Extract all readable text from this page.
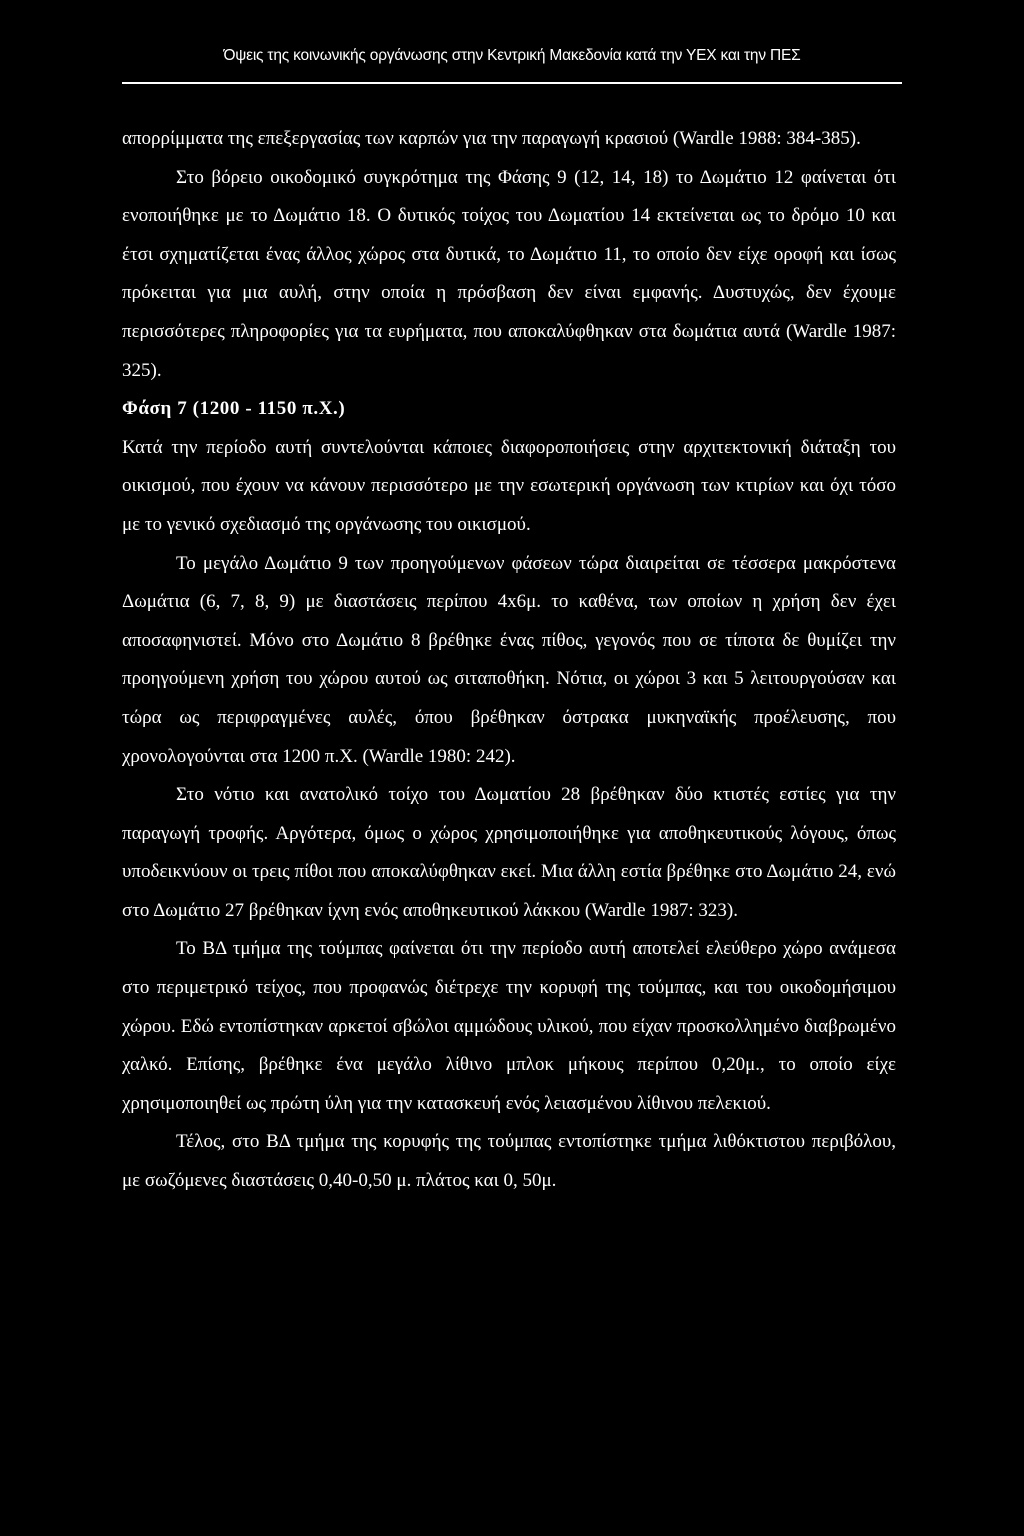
Όψεις της κοινωνικής οργάνωσης στην Κεντρική Μακεδονία κατά την ΥΕΧ και την ΠΕΣ

απορρίμματα της επεξεργασίας των καρπών για την παραγωγή κρασιού (Wardle 1988: 384-385).

Στο βόρειο οικοδομικό συγκρότημα της Φάσης 9 (12, 14, 18) το Δωμάτιο 12 φαίνεται ότι ενοποιήθηκε με το Δωμάτιο 18. Ο δυτικός τοίχος του Δωματίου 14 εκτείνεται ως το δρόμο 10 και έτσι σχηματίζεται ένας άλλος χώρος στα δυτικά, το Δωμάτιο 11, το οποίο δεν είχε οροφή και ίσως πρόκειται για μια αυλή, στην οποία η πρόσβαση δεν είναι εμφανής. Δυστυχώς, δεν έχουμε περισσότερες πληροφορίες για τα ευρήματα, που αποκαλύφθηκαν στα δωμάτια αυτά (Wardle 1987: 325).

Φάση 7 (1200 - 1150 π.Χ.)

Κατά την περίοδο αυτή συντελούνται κάποιες διαφοροποιήσεις στην αρχιτεκτονική διάταξη του οικισμού, που έχουν να κάνουν περισσότερο με την εσωτερική οργάνωση των κτιρίων και όχι τόσο με το γενικό σχεδιασμό της οργάνωσης του οικισμού.

Το μεγάλο Δωμάτιο 9 των προηγούμενων φάσεων τώρα διαιρείται σε τέσσερα μακρόστενα Δωμάτια (6, 7, 8, 9) με διαστάσεις περίπου 4x6μ. το καθένα, των οποίων η χρήση δεν έχει αποσαφηνιστεί. Μόνο στο Δωμάτιο 8 βρέθηκε ένας πίθος, γεγονός που σε τίποτα δε θυμίζει την προηγούμενη χρήση του χώρου αυτού ως σιταποθήκη. Νότια, οι χώροι 3 και 5 λειτουργούσαν και τώρα ως περιφραγμένες αυλές, όπου βρέθηκαν όστρακα μυκηναϊκής προέλευσης, που χρονολογούνται στα 1200 π.Χ. (Wardle 1980: 242).

Στο νότιο και ανατολικό τοίχο του Δωματίου 28 βρέθηκαν δύο κτιστές εστίες για την παραγωγή τροφής. Αργότερα, όμως ο χώρος χρησιμοποιήθηκε για αποθηκευτικούς λόγους, όπως υποδεικνύουν οι τρεις πίθοι που αποκαλύφθηκαν εκεί. Μια άλλη εστία βρέθηκε στο Δωμάτιο 24, ενώ στο Δωμάτιο 27 βρέθηκαν ίχνη ενός αποθηκευτικού λάκκου (Wardle 1987: 323).

Το ΒΔ τμήμα της τούμπας φαίνεται ότι την περίοδο αυτή αποτελεί ελεύθερο χώρο ανάμεσα στο περιμετρικό τείχος, που προφανώς διέτρεχε την κορυφή της τούμπας, και του οικοδομήσιμου χώρου. Εδώ εντοπίστηκαν αρκετοί σβώλοι αμμώδους υλικού, που είχαν προσκολλημένο διαβρωμένο χαλκό. Επίσης, βρέθηκε ένα μεγάλο λίθινο μπλοκ μήκους περίπου 0,20μ., το οποίο είχε χρησιμοποιηθεί ως πρώτη ύλη για την κατασκευή ενός λειασμένου λίθινου πελεκιού.

Τέλος, στο ΒΔ τμήμα της κορυφής της τούμπας εντοπίστηκε τμήμα λιθόκτιστου περιβόλου, με σωζόμενες διαστάσεις 0,40-0,50 μ. πλάτος και 0, 50μ.
